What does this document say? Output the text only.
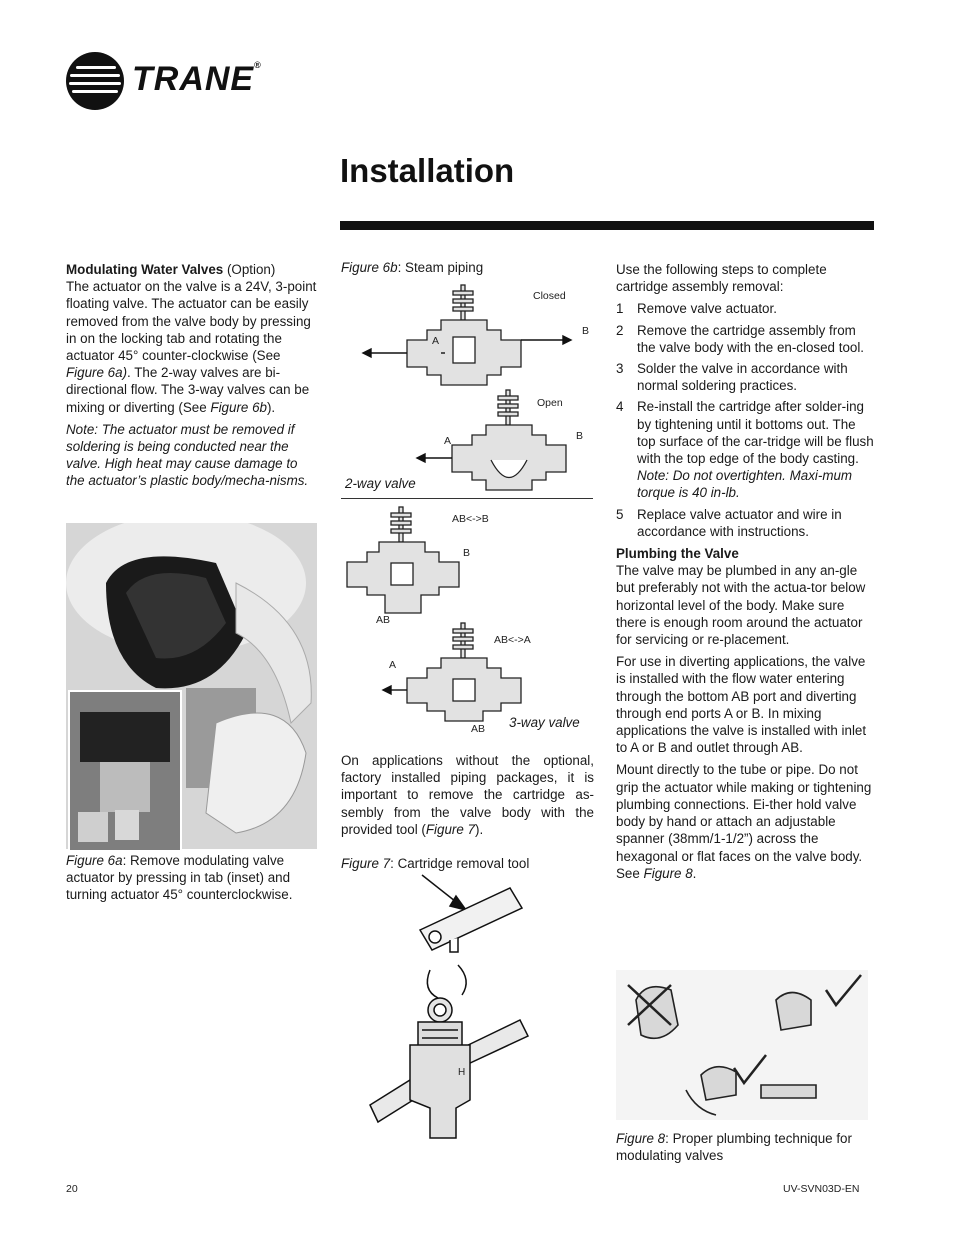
TRANE®
Installation

Modulating Water Valves (Option)
The actuator on the valve is a 24V, 3-point floating valve. The actuator can be easily removed from the valve body by pressing in on the locking tab and rotating the actuator 45° counter-clockwise (See Figure 6a). The 2-way valves are bi-directional flow. The 3-way valves can be mixing or diverting (See Figure 6b).

Note: The actuator must be removed if soldering is being conducted near the valve. High heat may cause damage to the actuator’s plastic body/mecha-nisms.

Figure 6a: Remove modulating valve actuator by pressing in tab (inset) and turning actuator 45° counterclockwise.
Figure 6b: Steam piping
Closed
A
B
Open
A	B
AB<->B
B
AB
AB<->A
A
AB
2-way valve
3-way valve

On applications without the optional, factory installed piping packages, it is important to remove the cartridge as-sembly from the valve body with the provided tool (Figure 7).

Figure 7: Cartridge removal tool
H

Use the following steps to complete cartridge assembly removal:

1 Remove valve actuator.
2 Remove the cartridge assembly from the valve body with the en-closed tool.
3 Solder the valve in accordance with normal soldering practices.
4 Re-install the cartridge after solder-ing by tightening until it bottoms out. The top surface of the car-tridge will be flush with the top edge of the body casting.
Note: Do not overtighten. Maxi-mum torque is 40 in-lb.
5 Replace valve actuator and wire in accordance with instructions.

Plumbing the Valve
The valve may be plumbed in any an-gle but preferably not with the actua-tor below horizontal level of the body. Make sure there is enough room around the actuator for servicing or re-placement.

For use in diverting applications, the valve is installed with the flow water entering through the bottom AB port and diverting through end ports A or B. In mixing applications the valve is installed with inlet to A or B and outlet through AB.

Mount directly to the tube or pipe. Do not grip the actuator while making or tightening plumbing connections. Ei-ther hold valve body by hand or attach an adjustable spanner (38mm/1-1/2”) across the hexagonal or flat faces on the valve body. See Figure 8.

Figure 8: Proper plumbing technique for modulating valves
20	UV-SVN03D-EN
